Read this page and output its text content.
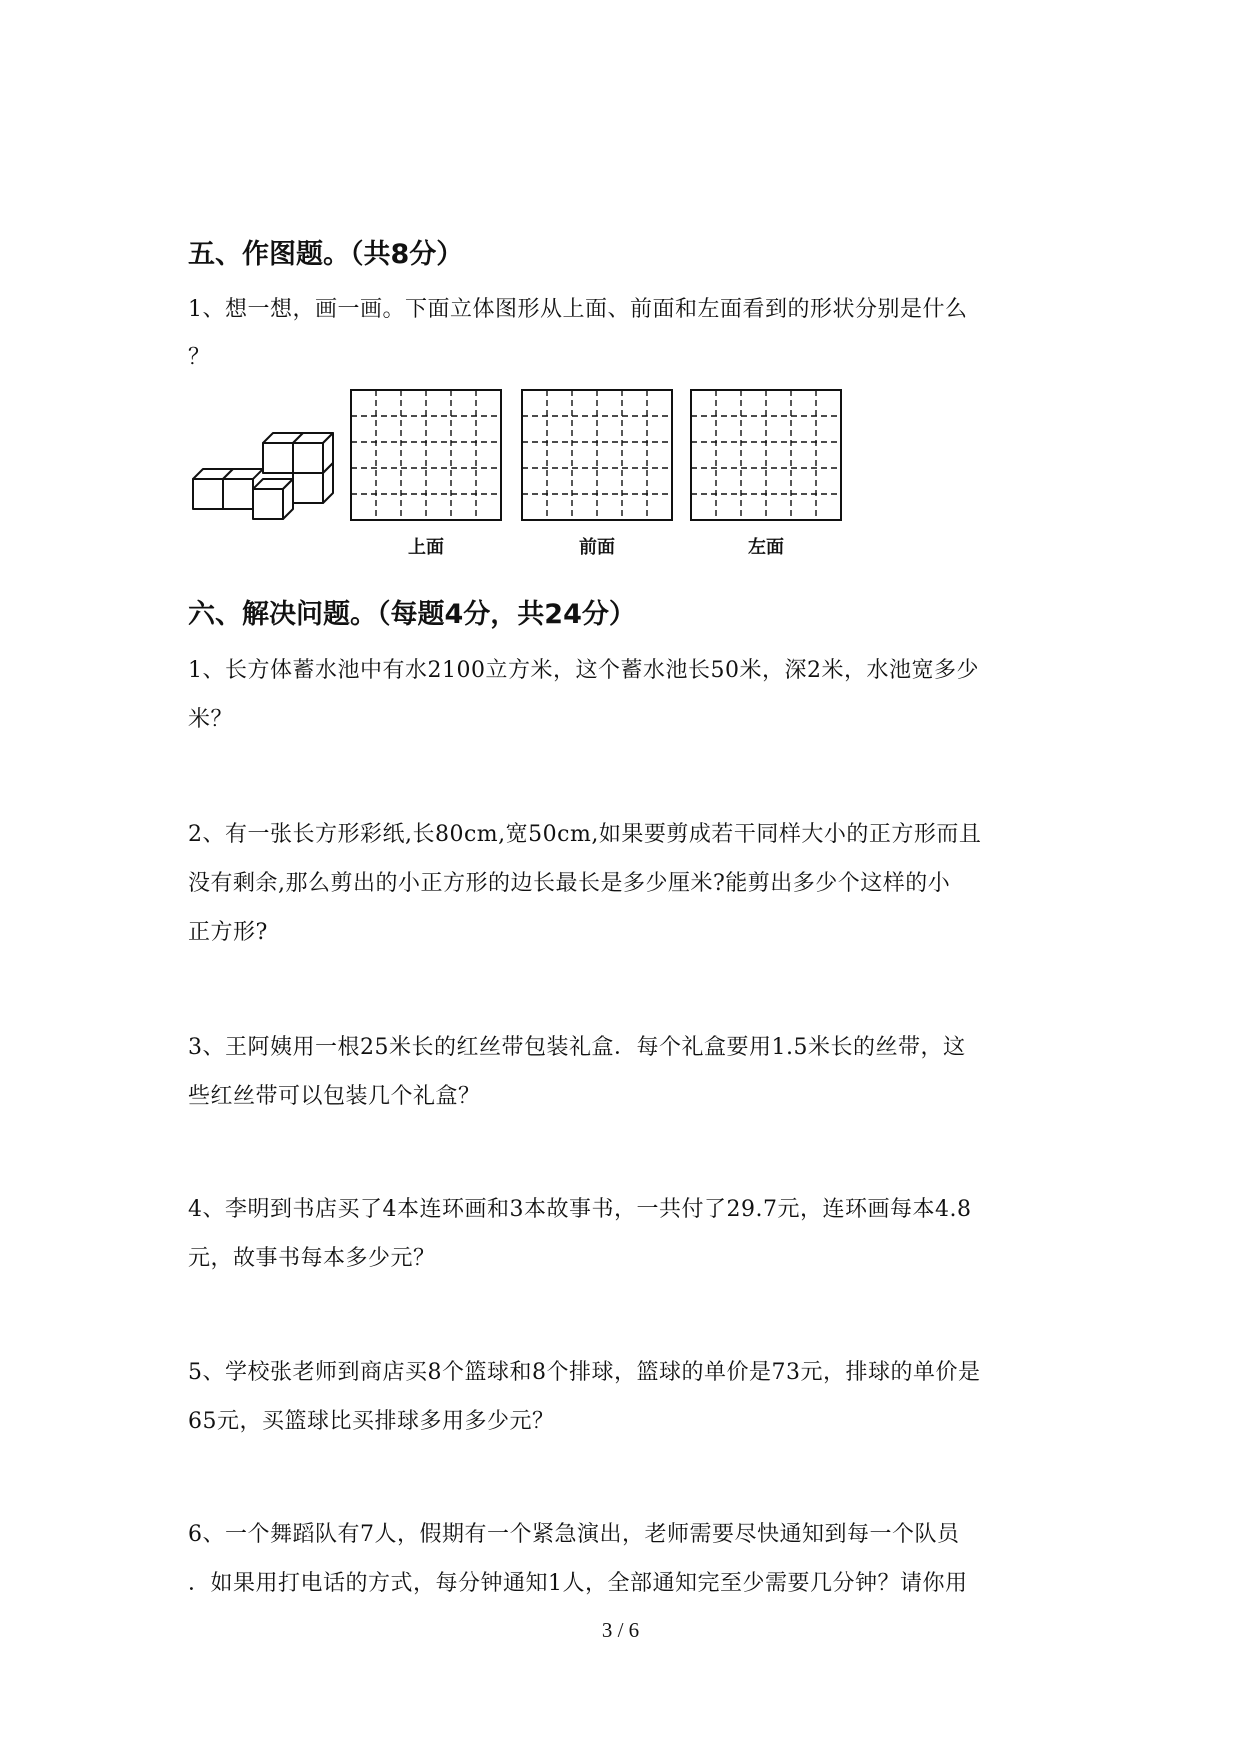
五、作图题。（共8分）
1、想一想，画一画。下面立体图形从上面、前面和左面看到的形状分别是什么
？
上面	前面	左面
六、解决问题。（每题4分，共24分）
1、长方体蓄水池中有水2100立方米，这个蓄水池长50米，深2米，水池宽多少
米？
2、有一张长方形彩纸,长80cm,宽50cm,如果要剪成若干同样大小的正方形而且
没有剩余,那么剪出的小正方形的边长最长是多少厘米?能剪出多少个这样的小
正方形?
3、王阿姨用一根25米长的红丝带包装礼盒．每个礼盒要用1.5米长的丝带，这
些红丝带可以包装几个礼盒？
4、李明到书店买了4本连环画和3本故事书，一共付了29.7元，连环画每本4.8
元，故事书每本多少元？
5、学校张老师到商店买8个篮球和8个排球，篮球的单价是73元，排球的单价是
65元，买篮球比买排球多用多少元？
6、一个舞蹈队有7人，假期有一个紧急演出，老师需要尽快通知到每一个队员
．如果用打电话的方式，每分钟通知1人，全部通知完至少需要几分钟？请你用
3 / 6
